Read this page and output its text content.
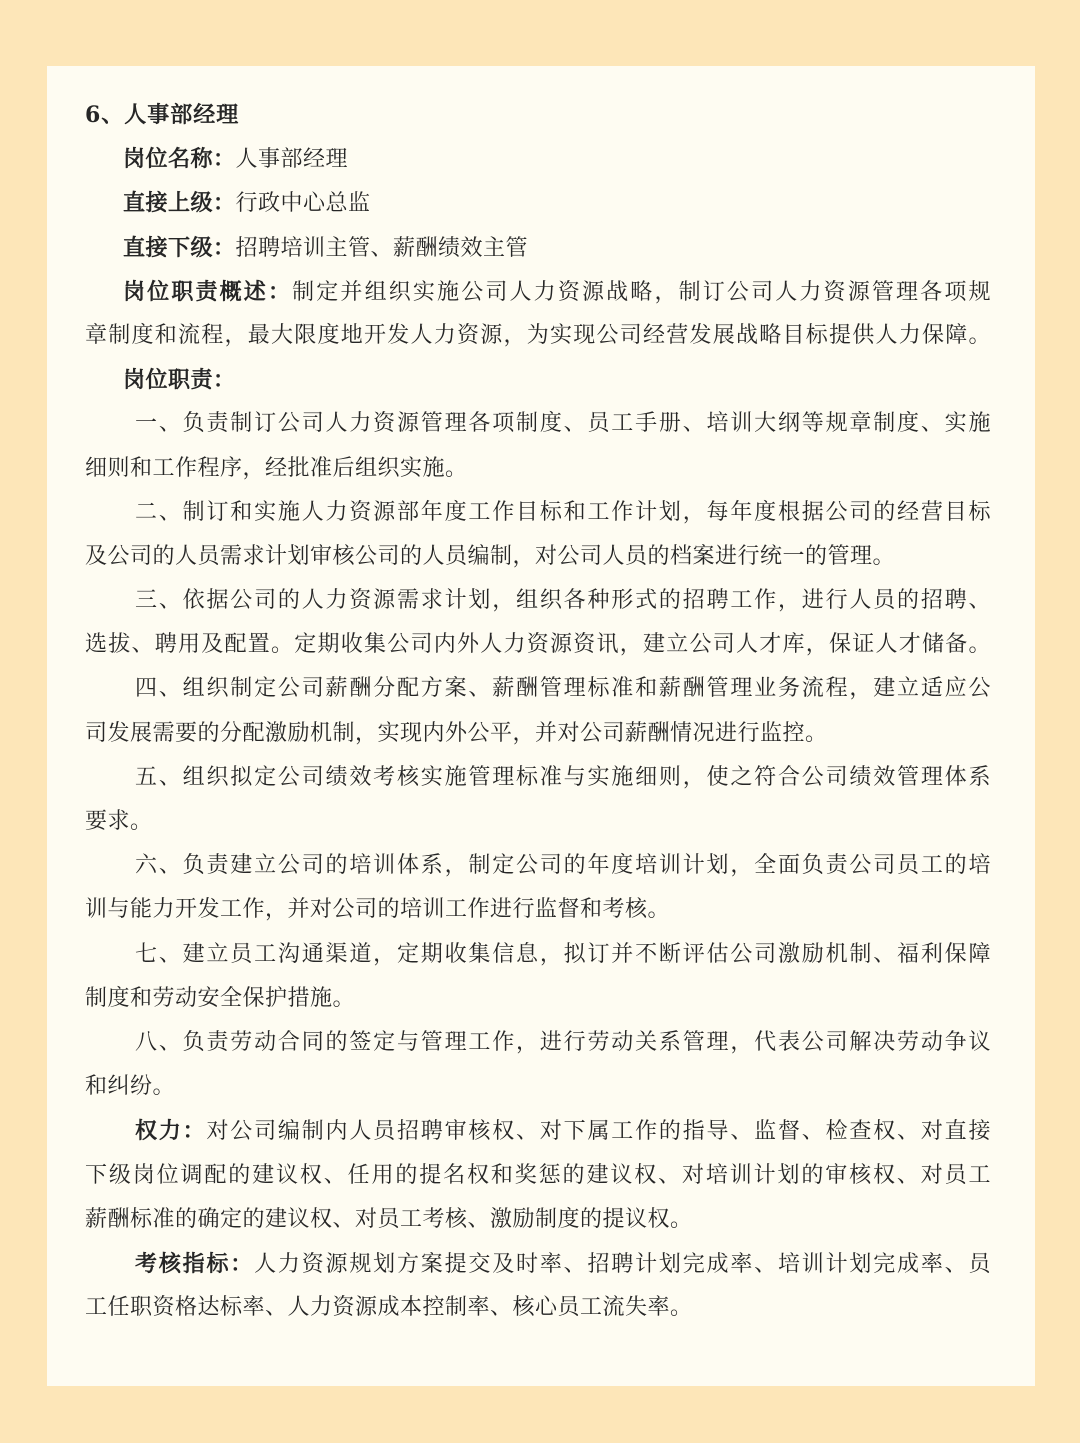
6、人事部经理
岗位名称：人事部经理
直接上级：行政中心总监
直接下级：招聘培训主管、薪酬绩效主管
岗位职责概述：制定并组织实施公司人力资源战略，制订公司人力资源管理各项规
章制度和流程，最大限度地开发人力资源，为实现公司经营发展战略目标提供人力保障。
岗位职责：
一、负责制订公司人力资源管理各项制度、员工手册、培训大纲等规章制度、实施
细则和工作程序，经批准后组织实施。
二、制订和实施人力资源部年度工作目标和工作计划，每年度根据公司的经营目标
及公司的人员需求计划审核公司的人员编制，对公司人员的档案进行统一的管理。
三、依据公司的人力资源需求计划，组织各种形式的招聘工作，进行人员的招聘、
选拔、聘用及配置。定期收集公司内外人力资源资讯，建立公司人才库，保证人才储备。
四、组织制定公司薪酬分配方案、薪酬管理标准和薪酬管理业务流程，建立适应公
司发展需要的分配激励机制，实现内外公平，并对公司薪酬情况进行监控。
五、组织拟定公司绩效考核实施管理标准与实施细则，使之符合公司绩效管理体系
要求。
六、负责建立公司的培训体系，制定公司的年度培训计划，全面负责公司员工的培
训与能力开发工作，并对公司的培训工作进行监督和考核。
七、建立员工沟通渠道，定期收集信息，拟订并不断评估公司激励机制、福利保障
制度和劳动安全保护措施。
八、负责劳动合同的签定与管理工作，进行劳动关系管理，代表公司解决劳动争议
和纠纷。
权力：对公司编制内人员招聘审核权、对下属工作的指导、监督、检查权、对直接
下级岗位调配的建议权、任用的提名权和奖惩的建议权、对培训计划的审核权、对员工
薪酬标准的确定的建议权、对员工考核、激励制度的提议权。
考核指标：人力资源规划方案提交及时率、招聘计划完成率、培训计划完成率、员
工任职资格达标率、人力资源成本控制率、核心员工流失率。
